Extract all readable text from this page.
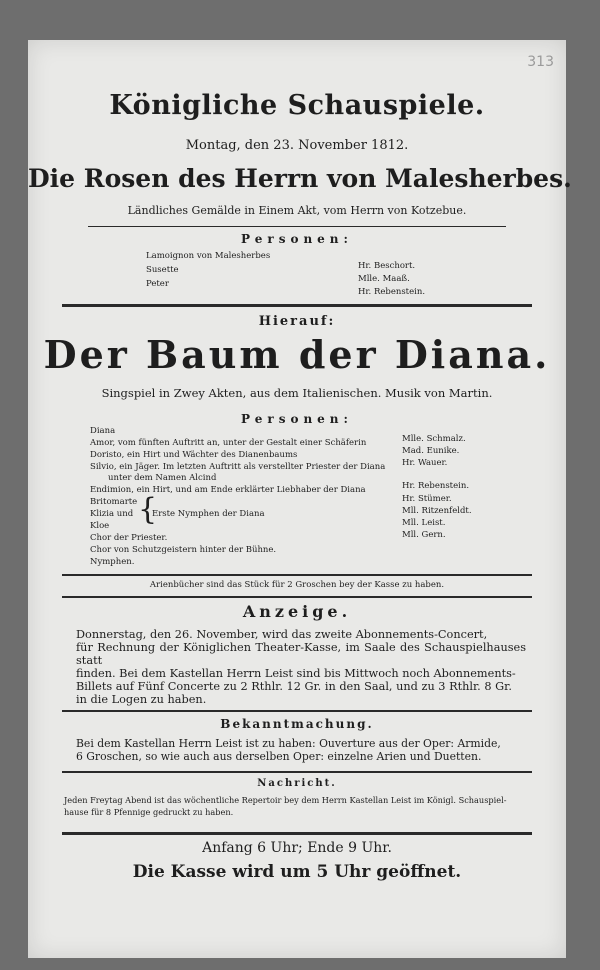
313
Königliche Schauspiele.
Montag, den 23. November 1812.
Die Rosen des Herrn von Malesherbes.
Ländliches Gemälde in Einem Akt, vom Herrn von Kotzebue.
Personen:
Lamoignon von Malesherbes
Hr. Beschort.
Susette
Mlle. Maaß.
Peter
Hr. Rebenstein.
Hierauf:
Der Baum der Diana.
Singspiel in Zwey Akten, aus dem Italienischen. Musik von Martin.
Personen:
Diana
Amor, vom fünften Auftritt an, unter der Gestalt einer Schäferin
Doristo, ein Hirt und Wächter des Dianenbaums
Silvio, ein Jäger. Im letzten Auftritt als verstellter Priester der Diana
unter dem Namen Alcind
Endimion, ein Hirt, und am Ende erklärter Liebhaber der Diana
Britomarte
Klizia und
Kloe {
Erste Nymphen der Diana
Chor der Priester.
Chor von Schutzgeistern hinter der Bühne.
Nymphen.
Mlle. Schmalz.
Mad. Eunike.
Hr. Wauer.
Hr. Rebenstein.
Hr. Stümer.
Mll. Ritzenfeldt.
Mll. Leist.
Mll. Gern.
Arienbücher sind das Stück für 2 Groschen bey der Kasse zu haben.
Anzeige.
Donnerstag, den 26. November, wird das zweite Abonnements-Concert,
für Rechnung der Königlichen Theater-Kasse, im Saale des Schauspielhauses statt
finden. Bei dem Kastellan Herrn Leist sind bis Mittwoch noch Abonnements-
Billets auf Fünf Concerte zu 2 Rthlr. 12 Gr. in den Saal, und zu 3 Rthlr. 8 Gr.
in die Logen zu haben.
Bekanntmachung.
Bei dem Kastellan Herrn Leist ist zu haben: Ouverture aus der Oper: Armide,
6 Groschen, so wie auch aus derselben Oper: einzelne Arien und Duetten.
Nachricht.
Jeden Freytag Abend ist das wöchentliche Repertoir bey dem Herrn Kastellan Leist im Königl. Schauspiel-
hause für 8 Pfennige gedruckt zu haben.
Anfang 6 Uhr; Ende 9 Uhr.
Die Kasse wird um 5 Uhr geöffnet.
